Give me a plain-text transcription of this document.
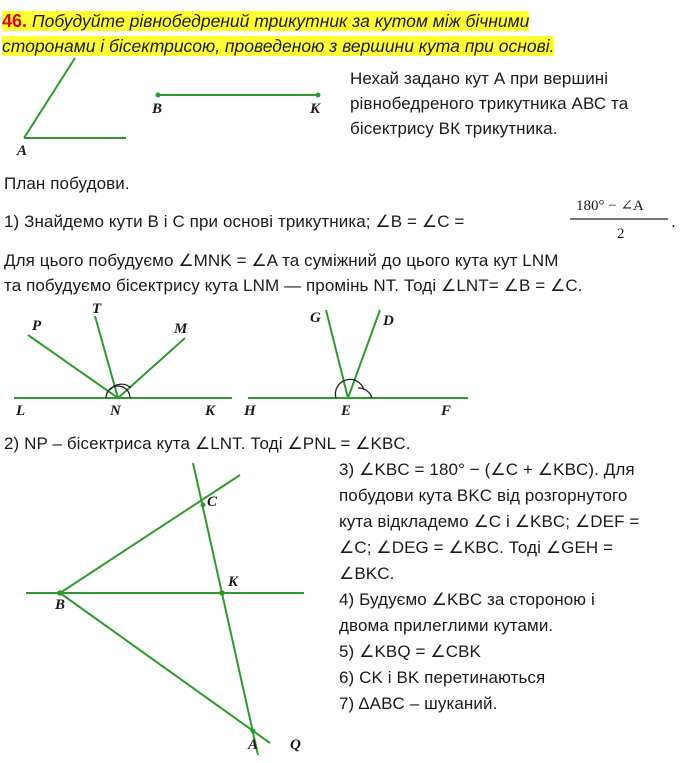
46. Побудуйте рівнобедрений трикутник за кутом між бічними
сторонами і бісектрисою, проведеною з вершини кута при основі.
A
B	K
Нехай задано кут А при вершині
рівнобедреного трикутника АВС та
бісектрису ВК трикутника.
План побудови.
1) Знайдемо кути В і С при основі трикутника; ∠B = ∠C =
180° − ∠A
2
.
Для цього побудуємо ∠MNK = ∠A та суміжний до цього кута кут LNM
та побудуємо бісектрису кута LNM — промінь NT. Тоді ∠LNT= ∠B = ∠C.
P
T
M
L	N	K
G	D
H	E	F
2) NP – бісектриса кута ∠LNT. Тоді ∠PNL = ∠KBC.
C
K
B
A Q
3) ∠KBC = 180° − (∠C + ∠KBC). Для
побудови кута BKC від розгорнутого
кута відкладемо ∠C і ∠KBC; ∠DEF =
∠C; ∠DEG = ∠KBC. Тоді ∠GEH =
∠BKC.
4) Будуємо ∠KBC за стороною і
двома прилеглими кутами.
5) ∠KBQ = ∠CBK
6) CK і BK перетинаються
7) ΔABC – шуканий.
